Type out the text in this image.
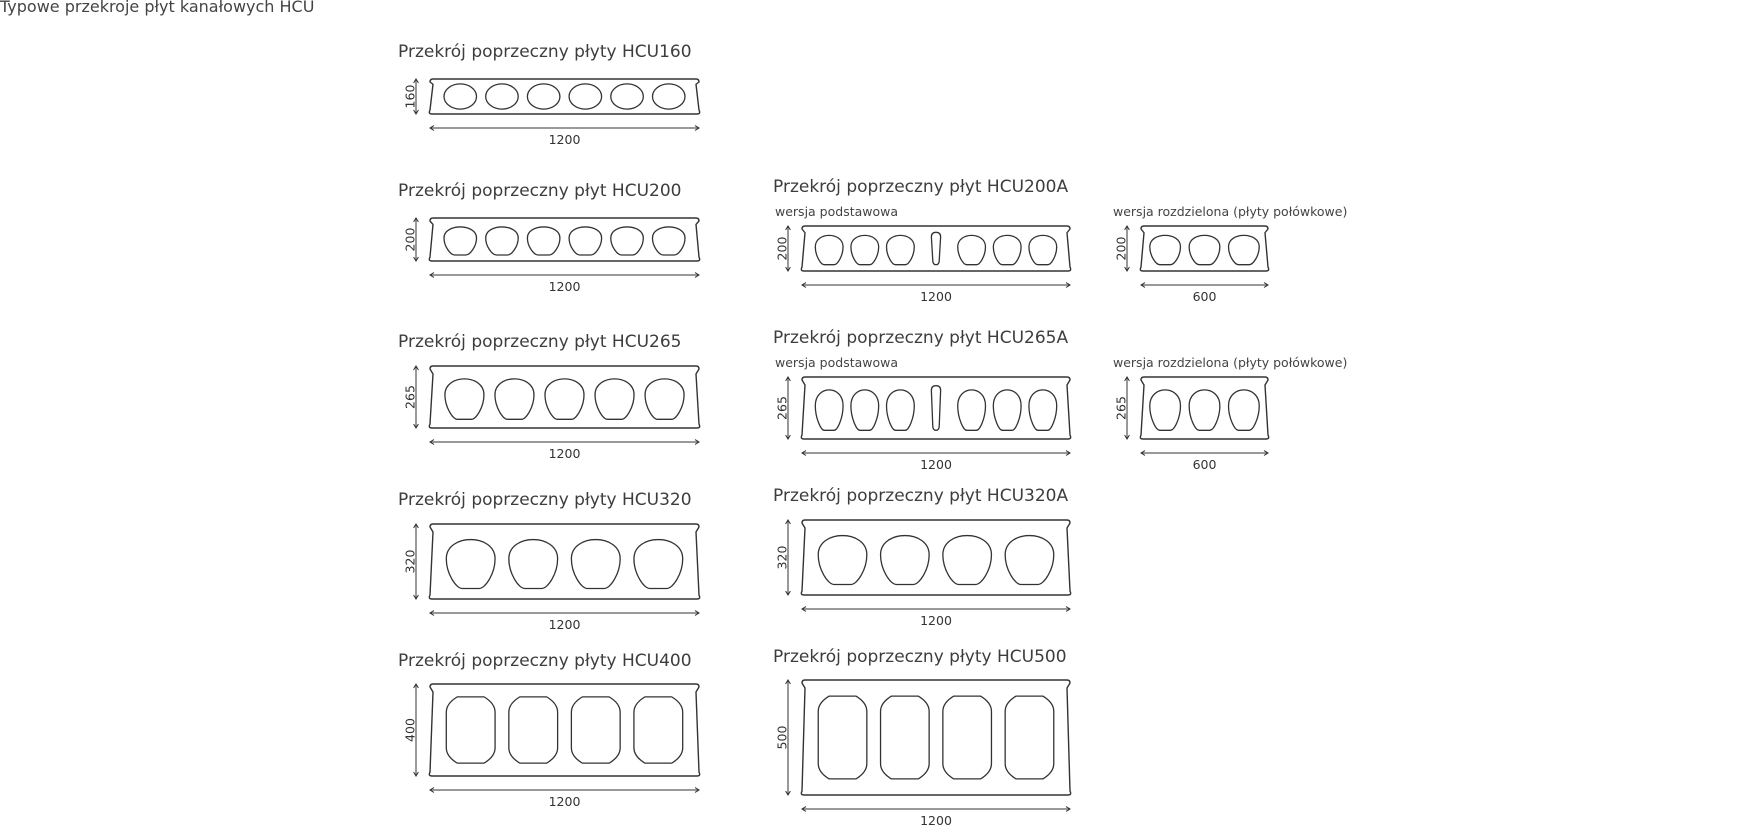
Typowe przekroje płyt kanałowych HCU
Przekrój poprzeczny płyty HCU160
Przekrój poprzeczny płyt HCU200	Przekrój poprzeczny płyt HCU200A
wersja podstawowa	wersja rozdzielona (płyty połówkowe)
Przekrój poprzeczny płyt HCU265	Przekrój poprzeczny płyt HCU265A
wersja podstawowa	wersja rozdzielona (płyty połówkowe)
Przekrój poprzeczny płyty HCU320	Przekrój poprzeczny płyt HCU320A
Przekrój poprzeczny płyty HCU400	Przekrój poprzeczny płyty HCU500
160
1200
200
1200
200
1200
200
600
265
1200
265
1200
265
600
320
1200
320
1200
400
1200
500
1200
